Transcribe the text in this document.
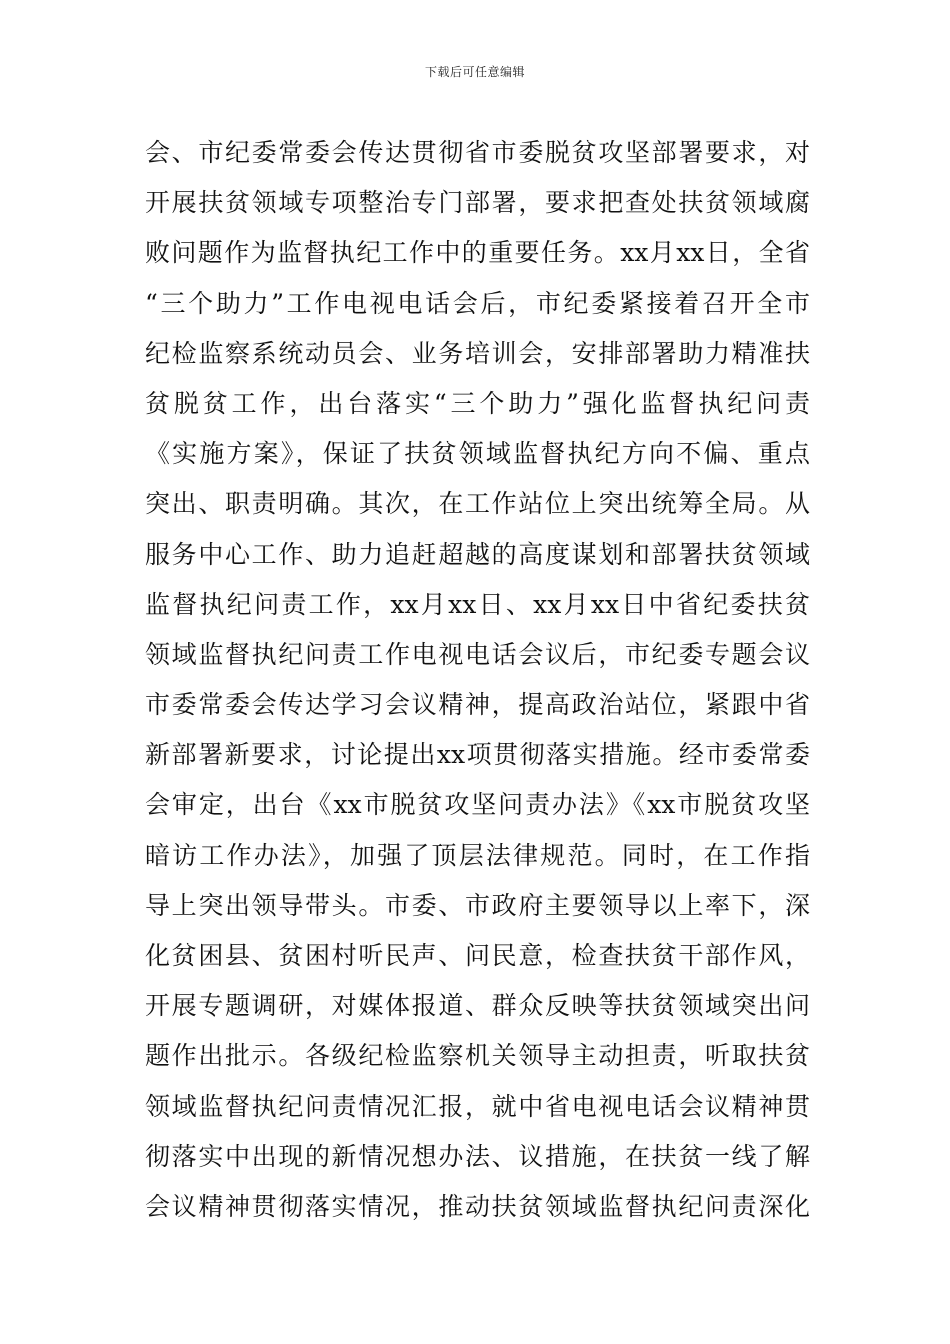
下载后可任意编辑
会、市纪委常委会传达贯彻省市委脱贫攻坚部署要求，对
开展扶贫领域专项整治专门部署，要求把查处扶贫领域腐
败问题作为监督执纪工作中的重要任务。xx月xx日，全省
“三个助力”工作电视电话会后，市纪委紧接着召开全市
纪检监察系统动员会、业务培训会，安排部署助力精准扶
贫脱贫工作，出台落实“三个助力”强化监督执纪问责
《实施方案》，保证了扶贫领域监督执纪方向不偏、重点
突出、职责明确。其次，在工作站位上突出统筹全局。从
服务中心工作、助力追赶超越的高度谋划和部署扶贫领域
监督执纪问责工作，xx月xx日、xx月xx日中省纪委扶贫
领域监督执纪问责工作电视电话会议后，市纪委专题会议
市委常委会传达学习会议精神，提高政治站位，紧跟中省
新部署新要求，讨论提出xx项贯彻落实措施。经市委常委
会审定，出台《xx市脱贫攻坚问责办法》《xx市脱贫攻坚
暗访工作办法》，加强了顶层法律规范。同时，在工作指
导上突出领导带头。市委、市政府主要领导以上率下，深
化贫困县、贫困村听民声、问民意，检查扶贫干部作风，
开展专题调研，对媒体报道、群众反映等扶贫领域突出问
题作出批示。各级纪检监察机关领导主动担责，听取扶贫
领域监督执纪问责情况汇报，就中省电视电话会议精神贯
彻落实中出现的新情况想办法、议措施，在扶贫一线了解
会议精神贯彻落实情况，推动扶贫领域监督执纪问责深化
